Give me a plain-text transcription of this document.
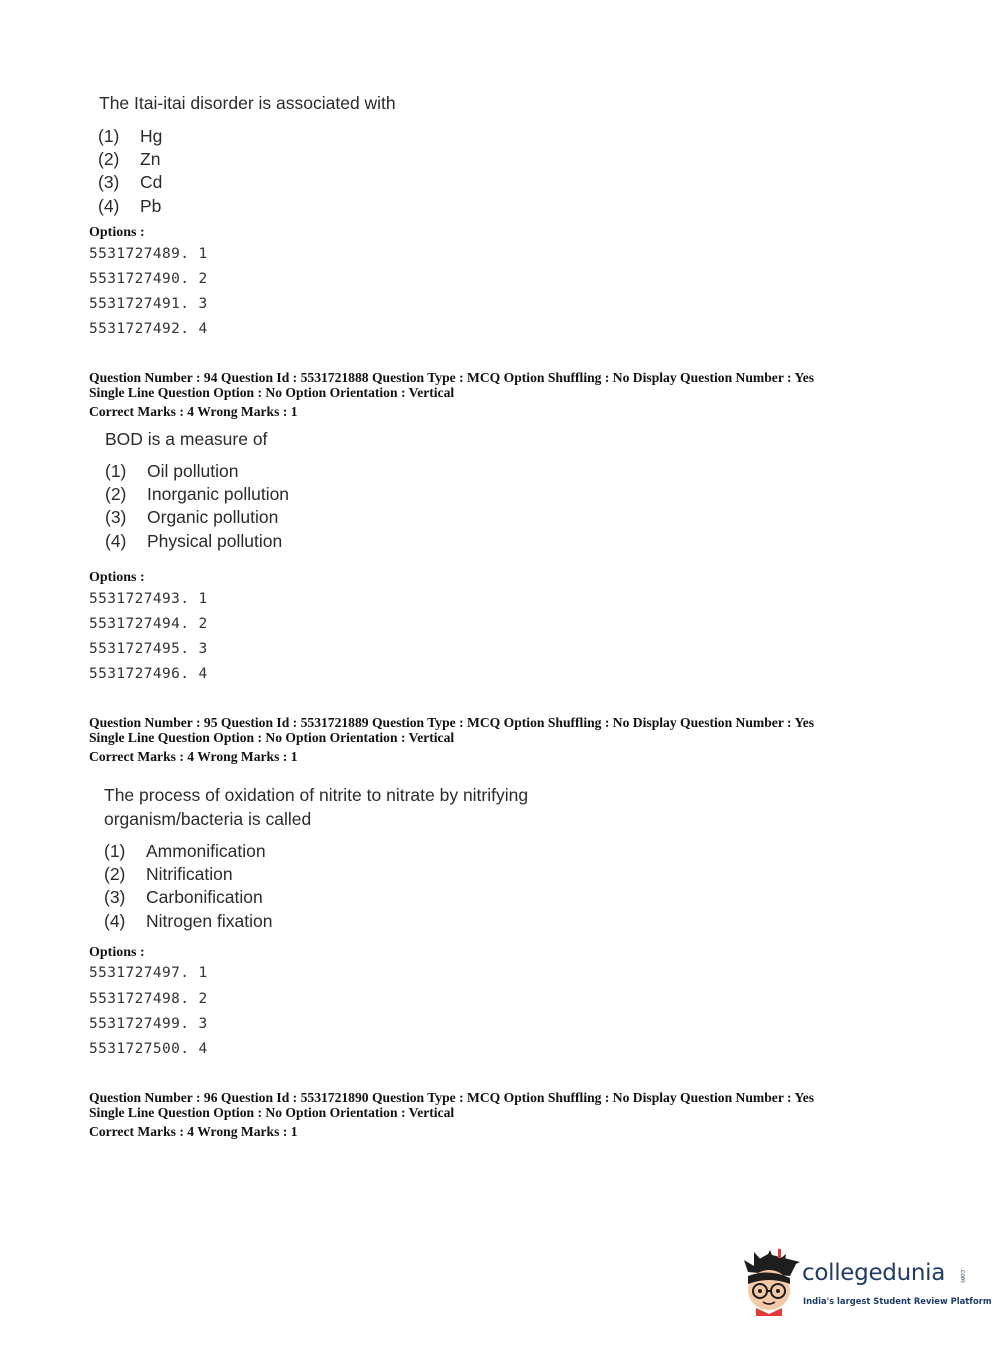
The Itai-itai disorder is associated with
(1) Hg
(2) Zn
(3) Cd
(4) Pb
Options :
5531727489. 1
5531727490. 2
5531727491. 3
5531727492. 4
Question Number : 94 Question Id : 5531721888 Question Type : MCQ Option Shuffling : No Display Question Number : Yes
Single Line Question Option : No Option Orientation : Vertical
Correct Marks : 4 Wrong Marks : 1
BOD is a measure of
(1) Oil pollution
(2) Inorganic pollution
(3) Organic pollution
(4) Physical pollution
Options :
5531727493. 1
5531727494. 2
5531727495. 3
5531727496. 4
Question Number : 95 Question Id : 5531721889 Question Type : MCQ Option Shuffling : No Display Question Number : Yes
Single Line Question Option : No Option Orientation : Vertical
Correct Marks : 4 Wrong Marks : 1
The process of oxidation of nitrite to nitrate by nitrifying
organism/bacteria is called
(1) Ammonification
(2) Nitrification
(3) Carbonification
(4) Nitrogen fixation
Options :
5531727497. 1
5531727498. 2
5531727499. 3
5531727500. 4
Question Number : 96 Question Id : 5531721890 Question Type : MCQ Option Shuffling : No Display Question Number : Yes
Single Line Question Option : No Option Orientation : Vertical
Correct Marks : 4 Wrong Marks : 1
collegedunia .com
India's largest Student Review Platform
